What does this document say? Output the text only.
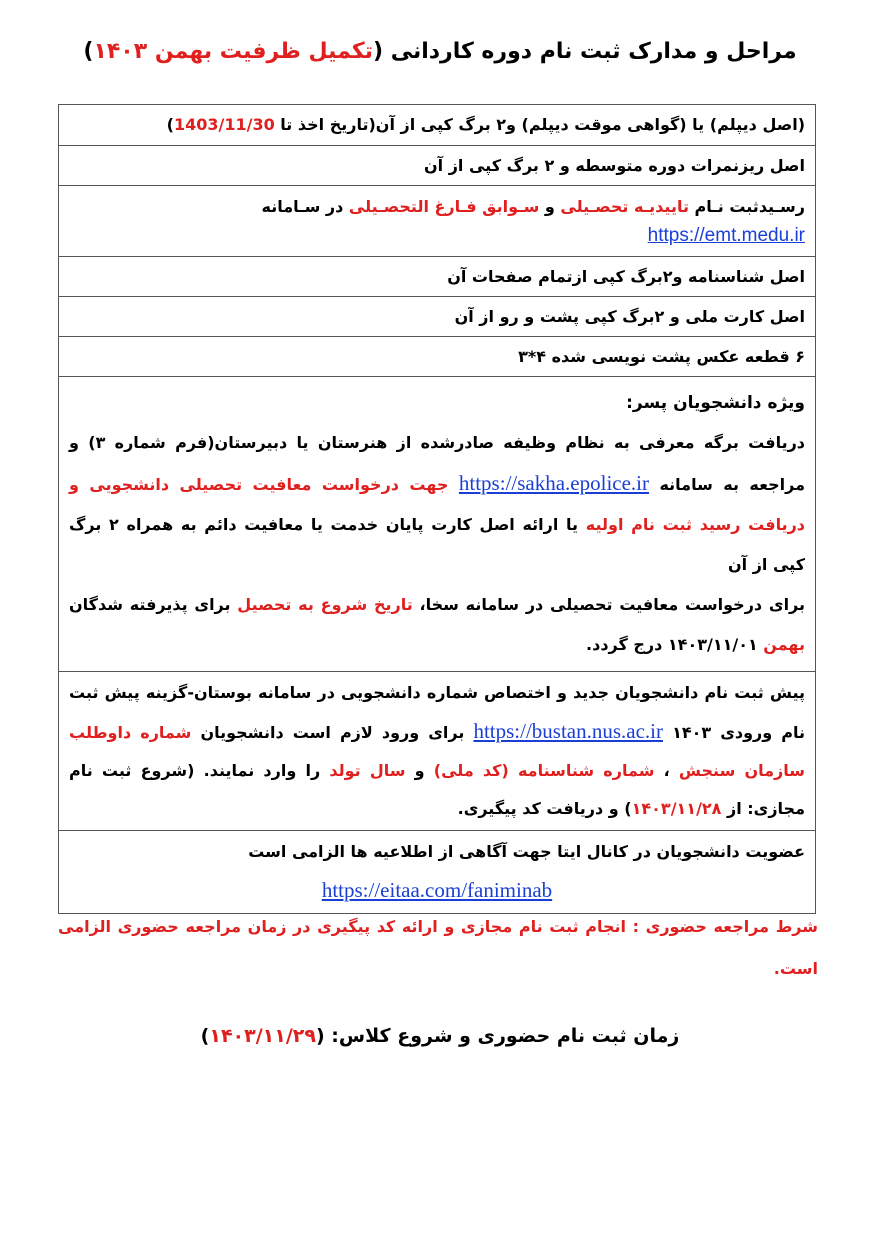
مراحل و مدارک ثبت نام دوره کاردانی (تکمیل ظرفیت بهمن ۱۴۰۳)
(اصل دیپلم) یا (گواهی موقت دیپلم) و۲ برگ کپی از آن(تاریخ اخذ تا 1403/11/30)
اصل ریزنمرات دوره متوسطه و ۲ برگ کپی از آن
رسـیدثبت نـام تاییدیـه تحصـیلی و سـوابق فـارغ التحصـیلی در سـامانه
https://emt.medu.ir
اصل شناسنامه و۲برگ کپی ازتمام صفحات آن
اصل کارت ملی و ۲برگ کپی پشت و رو از آن
۶ قطعه عکس پشت نویسی شده ۴*۳
ویژه دانشجویان پسر:
دریافت برگه معرفی به نظام وظیفه صادرشده از هنرستان یا دبیرستان(فرم شماره ۳) و مراجعه به سامانه https://sakha.epolice.ir جهت درخواست معافیت تحصیلی دانشجویی و دریافت رسید ثبت نام اولیه یا ارائه اصل کارت پایان خدمت یا معافیت دائم به همراه ۲ برگ کپی از آن
برای درخواست معافیت تحصیلی در سامانه سخا، تاریخ شروع به تحصیل برای پذیرفته شدگان بهمن ۱۴۰۳/۱۱/۰۱ درج گردد.
پیش ثبت نام دانشجویان جدید و اختصاص شماره دانشجویی در سامانه بوستان-گزینه پیش ثبت نام ورودی ۱۴۰۳ https://bustan.nus.ac.ir برای ورود لازم است دانشجویان شماره داوطلب سازمان سنجش ، شماره شناسنامه (کد ملی) و سال تولد را وارد نمایند. (شروع ثبت نام مجازی: از ۱۴۰۳/۱۱/۲۸) و دریافت کد پیگیری.
عضویت دانشجویان در کانال ایتا جهت آگاهی از اطلاعیه ها الزامی است

https://eitaa.com/faniminab
شرط مراجعه حضوری : انجام ثبت نام مجازی و ارائه کد پیگیری در زمان مراجعه حضوری الزامی است.
زمان ثبت نام حضوری و شروع کلاس: (۱۴۰۳/۱۱/۲۹)
